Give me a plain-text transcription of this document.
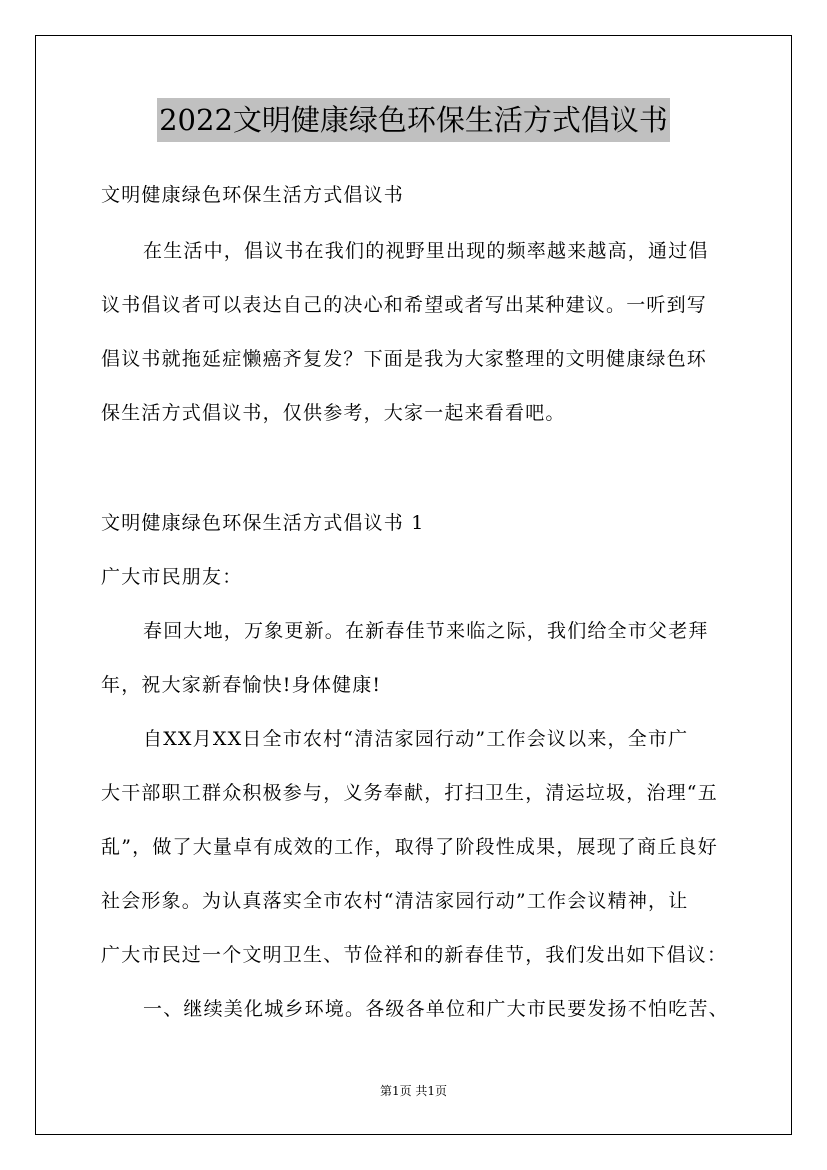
2022文明健康绿色环保生活方式倡议书
文明健康绿色环保生活方式倡议书
在生活中，倡议书在我们的视野里出现的频率越来越高，通过倡
议书倡议者可以表达自己的决心和希望或者写出某种建议。一听到写
倡议书就拖延症懒癌齐复发？下面是我为大家整理的文明健康绿色环
保生活方式倡议书，仅供参考，大家一起来看看吧。
文明健康绿色环保生活方式倡议书 1
广大市民朋友：
春回大地，万象更新。在新春佳节来临之际，我们给全市父老拜
年，祝大家新春愉快!身体健康!
自XX月XX日全市农村“清洁家园行动”工作会议以来，全市广
大干部职工群众积极参与，义务奉献，打扫卫生，清运垃圾，治理“五
乱”，做了大量卓有成效的工作，取得了阶段性成果，展现了商丘良好
社会形象。为认真落实全市农村“清洁家园行动”工作会议精神，让
广大市民过一个文明卫生、节俭祥和的新春佳节，我们发出如下倡议：
一、继续美化城乡环境。各级各单位和广大市民要发扬不怕吃苦、
第1页 共1页
